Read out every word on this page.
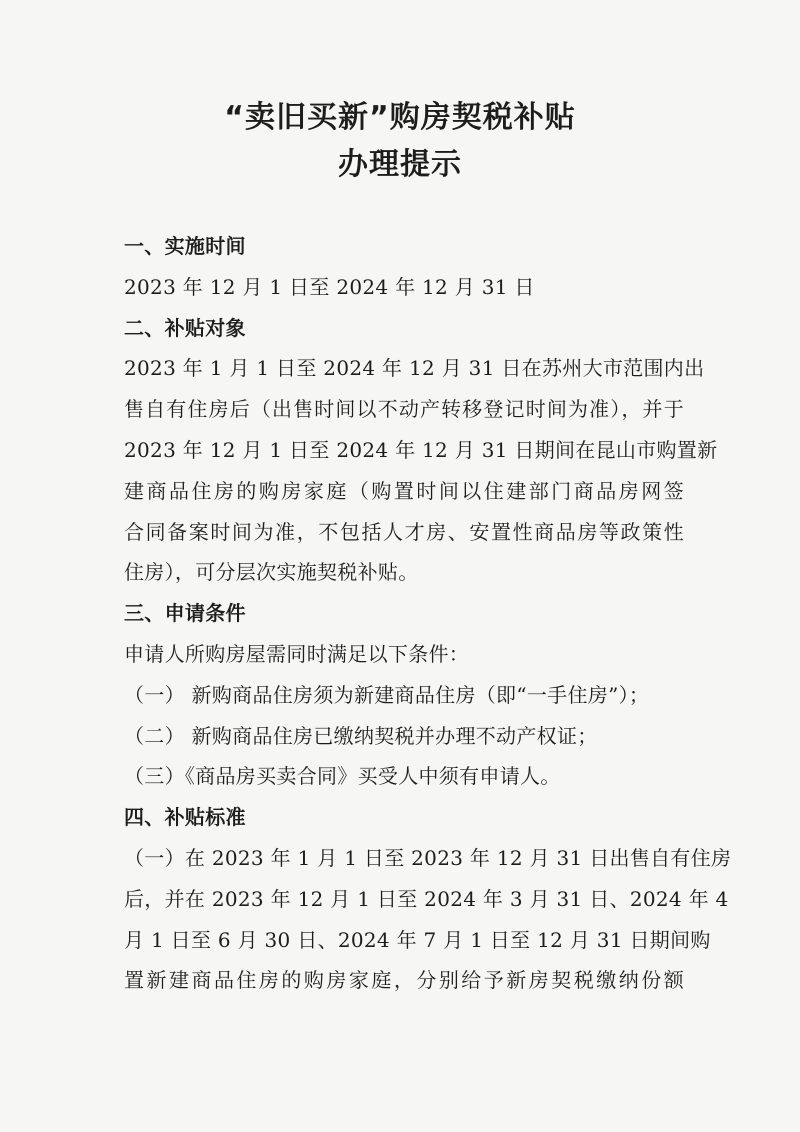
“卖旧买新”购房契税补贴
办理提示
一、实施时间
2023 年 12 月 1 日至 2024 年 12 月 31 日
二、补贴对象
2023 年 1 月 1 日至 2024 年 12 月 31 日在苏州大市范围内出
售自有住房后（出售时间以不动产转移登记时间为准），并于
2023 年 12 月 1 日至 2024 年 12 月 31 日期间在昆山市购置新
建商品住房的购房家庭（购置时间以住建部门商品房网签
合同备案时间为准，不包括人才房、安置性商品房等政策性
住房），可分层次实施契税补贴。
三、申请条件
申请人所购房屋需同时满足以下条件：
（一） 新购商品住房须为新建商品住房（即“一手住房”）；
（二） 新购商品住房已缴纳契税并办理不动产权证；
（三）《商品房买卖合同》买受人中须有申请人。
四、补贴标准
（一）在 2023 年 1 月 1 日至 2023 年 12 月 31 日出售自有住房
后，并在 2023 年 12 月 1 日至 2024 年 3 月 31 日、2024 年 4
月 1 日至 6 月 30 日、2024 年 7 月 1 日至 12 月 31 日期间购
置新建商品住房的购房家庭，分别给予新房契税缴纳份额
